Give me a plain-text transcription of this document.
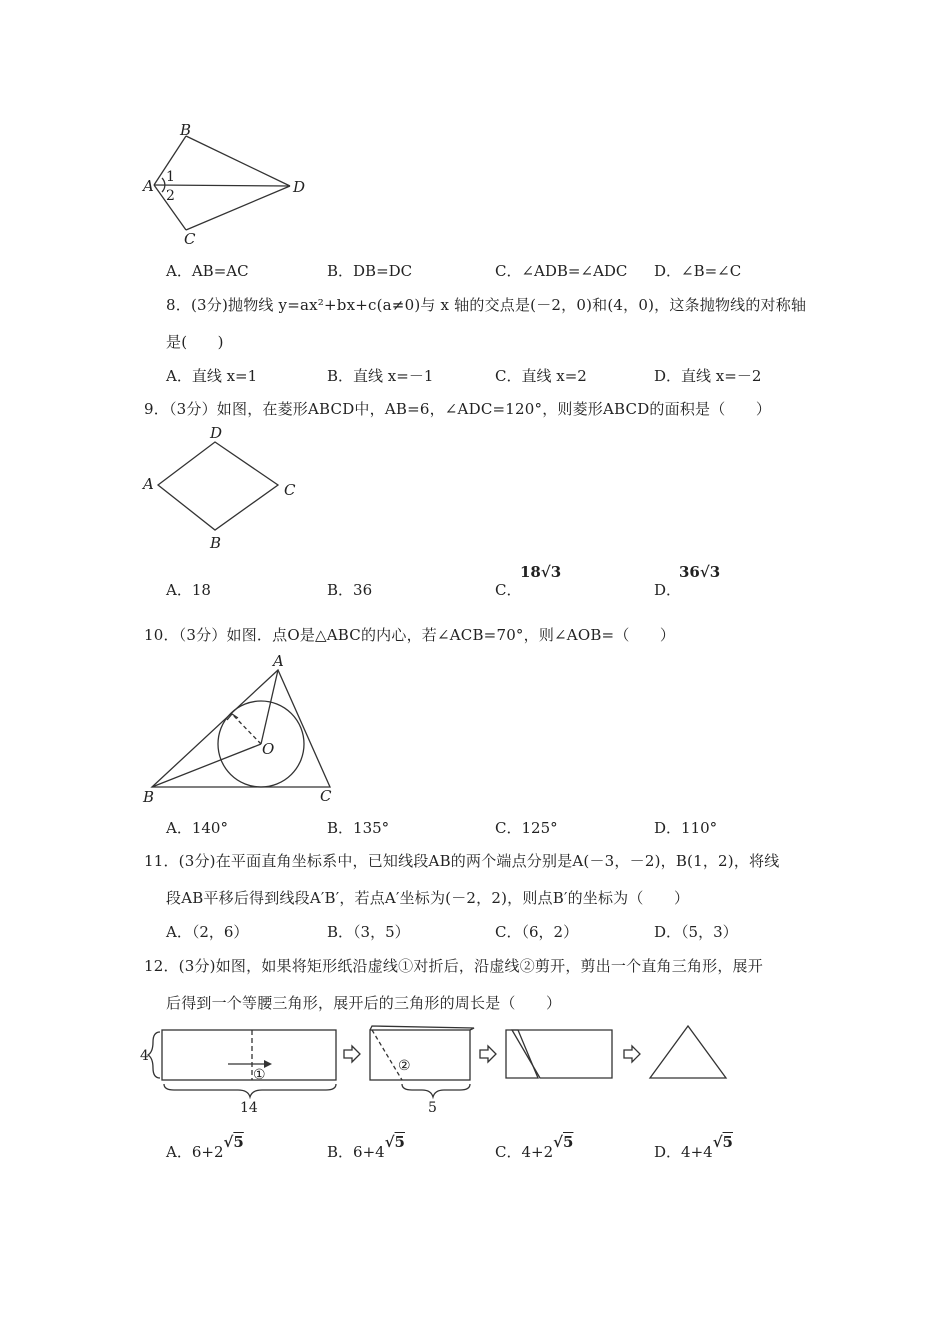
B
A
C
D
1
2
A．AB=AC	B．DB=DC	C．∠ADB=∠ADC D．∠B=∠C
8．(3分)抛物线 y=ax²+bx+c(a≠0)与 x 轴的交点是(－2，0)和(4，0)，这条抛物线的对称轴
是(　　)
A．直线 x=1	B．直线 x=－1	C．直线 x=2	D．直线 x=－2
9．（3分）如图，在菱形ABCD中，AB=6，∠ADC=120°，则菱形ABCD的面积是（　　）
D
A	C
B
A．18	B．36	C．
18√3
D．
36√3
10．（3分）如图．点O是△ABC的内心，若∠ACB=70°，则∠AOB=（　　）
A
O
B	C
A．140°	B．135°	C．125°	D．110°
11．(3分)在平面直角坐标系中，已知线段AB的两个端点分别是A(－3，－2)，B(1，2)，将线
段AB平移后得到线段A′B′，若点A′坐标为(－2，2)，则点B′的坐标为（　　）
A．（2，6）	B．（3，5）	C．（6，2）	D．（5，3）
12．(3分)如图，如果将矩形纸沿虚线①对折后，沿虚线②剪开，剪出一个直角三角形，展开
后得到一个等腰三角形，展开后的三角形的周长是（　　）
4
14	5
①
②
A．6+2√5
B．6+4√5
C．4+2√5
D．4+4√5
